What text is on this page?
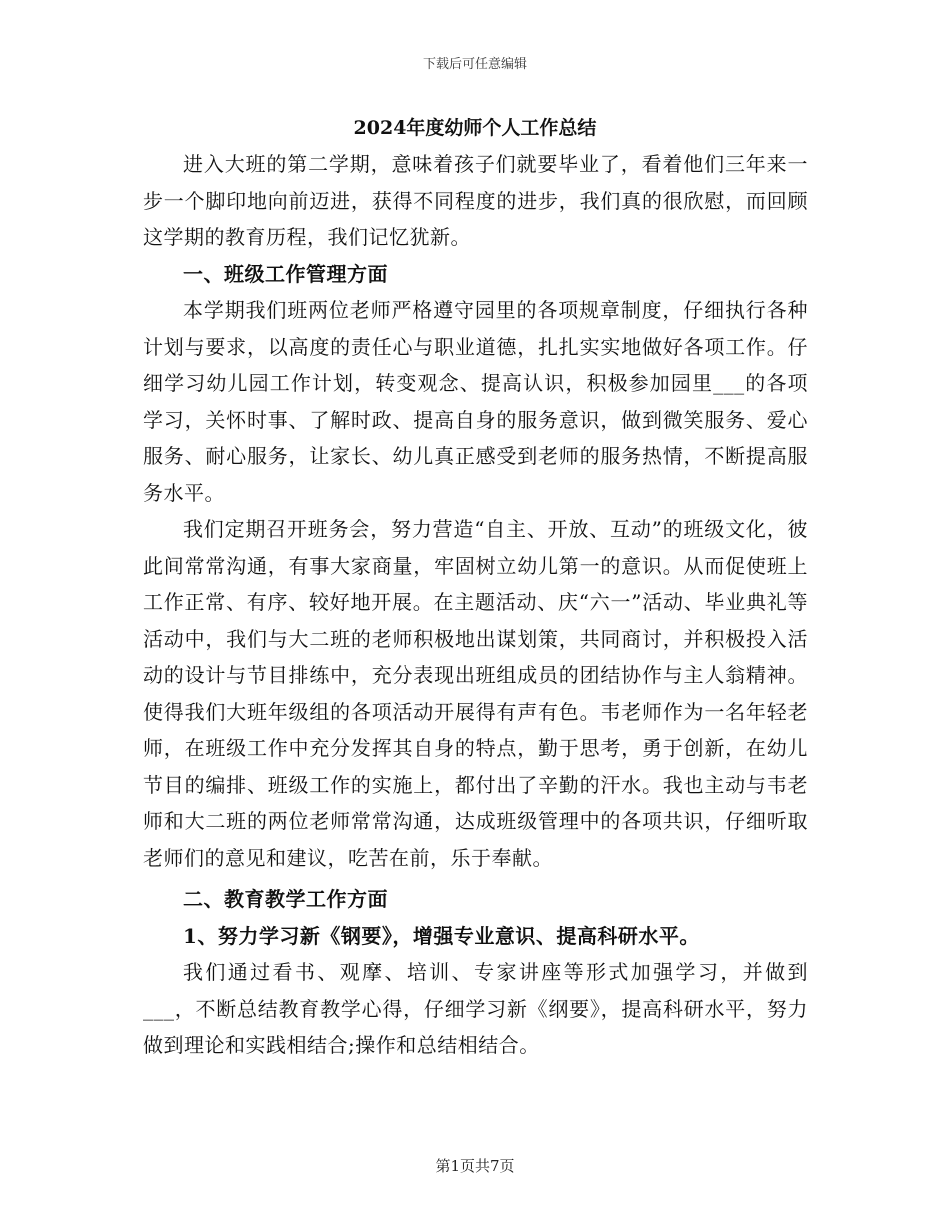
下载后可任意编辑
2024年度幼师个人工作总结

进入大班的第二学期，意味着孩子们就要毕业了，看着他们三年来一步一个脚印地向前迈进，获得不同程度的进步，我们真的很欣慰，而回顾这学期的教育历程，我们记忆犹新。

一、班级工作管理方面

本学期我们班两位老师严格遵守园里的各项规章制度，仔细执行各种计划与要求，以高度的责任心与职业道德，扎扎实实地做好各项工作。仔细学习幼儿园工作计划，转变观念、提高认识，积极参加园里___的各项学习，关怀时事、了解时政、提高自身的服务意识，做到微笑服务、爱心服务、耐心服务，让家长、幼儿真正感受到老师的服务热情，不断提高服务水平。

我们定期召开班务会，努力营造“自主、开放、互动”的班级文化，彼此间常常沟通，有事大家商量，牢固树立幼儿第一的意识。从而促使班上工作正常、有序、较好地开展。在主题活动、庆“六一”活动、毕业典礼等活动中，我们与大二班的老师积极地出谋划策，共同商讨，并积极投入活动的设计与节目排练中，充分表现出班组成员的团结协作与主人翁精神。使得我们大班年级组的各项活动开展得有声有色。韦老师作为一名年轻老师，在班级工作中充分发挥其自身的特点，勤于思考，勇于创新，在幼儿节目的编排、班级工作的实施上，都付出了辛勤的汗水。我也主动与韦老师和大二班的两位老师常常沟通，达成班级管理中的各项共识，仔细听取老师们的意见和建议，吃苦在前，乐于奉献。

二、教育教学工作方面

1、努力学习新《钢要》，增强专业意识、提高科研水平。

我们通过看书、观摩、培训、专家讲座等形式加强学习，并做到___，不断总结教育教学心得，仔细学习新《纲要》，提高科研水平，努力做到理论和实践相结合;操作和总结相结合。

第1页共7页
